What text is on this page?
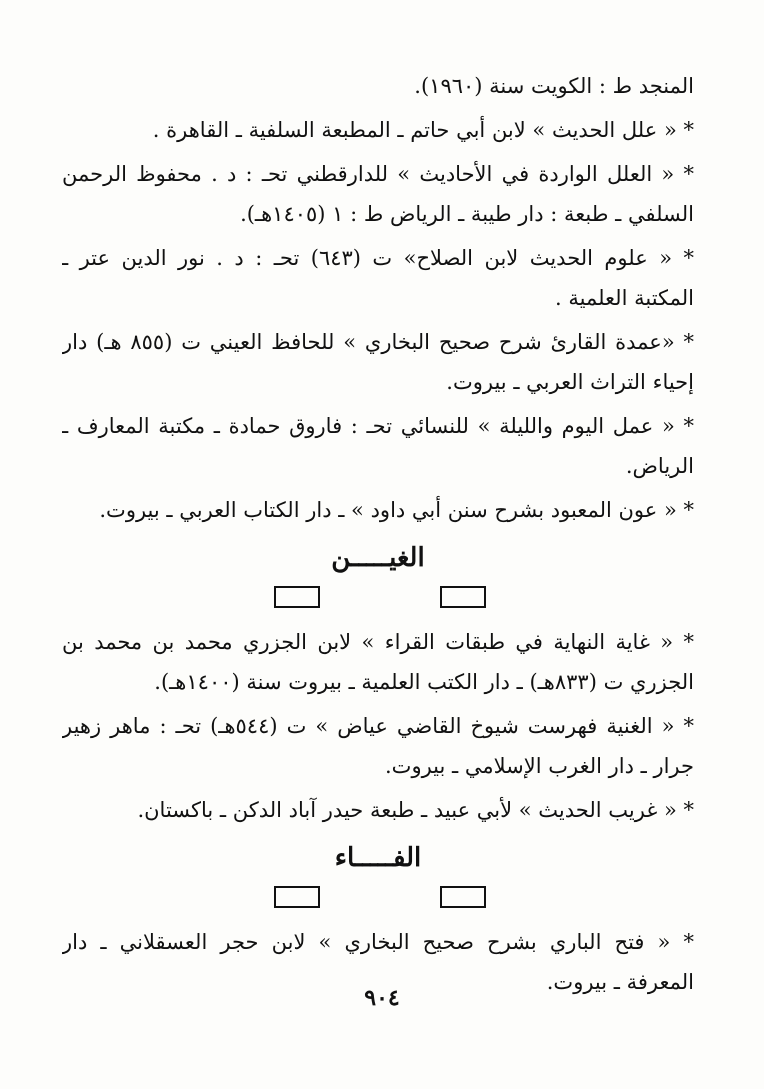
المنجد ط : الكويت سنة (١٩٦٠).
* « علل الحديث » لابن أبي حاتم ـ المطبعة السلفية ـ القاهرة .
* « العلل الواردة في الأحاديث » للدارقطني تحـ : د . محفوظ الرحمن
السلفي ـ طبعة : دار طيبة ـ الرياض ط : ١ (١٤٠٥هـ).
* « علوم الحديث لابن الصلاح» ت (٦٤٣) تحـ : د . نور الدين عتر ـ
المكتبة العلمية .
* «عمدة القارئ شرح صحيح البخاري » للحافظ العيني ت (٨٥٥ هـ) دار
إحياء التراث العربي ـ بيروت.
* « عمل اليوم والليلة » للنسائي تحـ : فاروق حمادة ـ مكتبة المعارف ـ
الرياض.
* « عون المعبود بشرح سنن أبي داود » ـ دار الكتاب العربي ـ بيروت.
الغيـــــن
* « غاية النهاية في طبقات القراء » لابن الجزري محمد بن محمد بن
الجزري ت (٨٣٣هـ) ـ دار الكتب العلمية ـ بيروت سنة (١٤٠٠هـ).
* « الغنية فهرست شيوخ القاضي عياض » ت (٥٤٤هـ) تحـ : ماهر زهير
جرار ـ دار الغرب الإسلامي ـ بيروت.
* « غريب الحديث » لأبي عبيد ـ طبعة حيدر آباد الدكن ـ باكستان.
الفـــــاء
* « فتح الباري بشرح صحيح البخاري » لابن حجر العسقلاني ـ دار
المعرفة ـ بيروت.
٩٠٤
